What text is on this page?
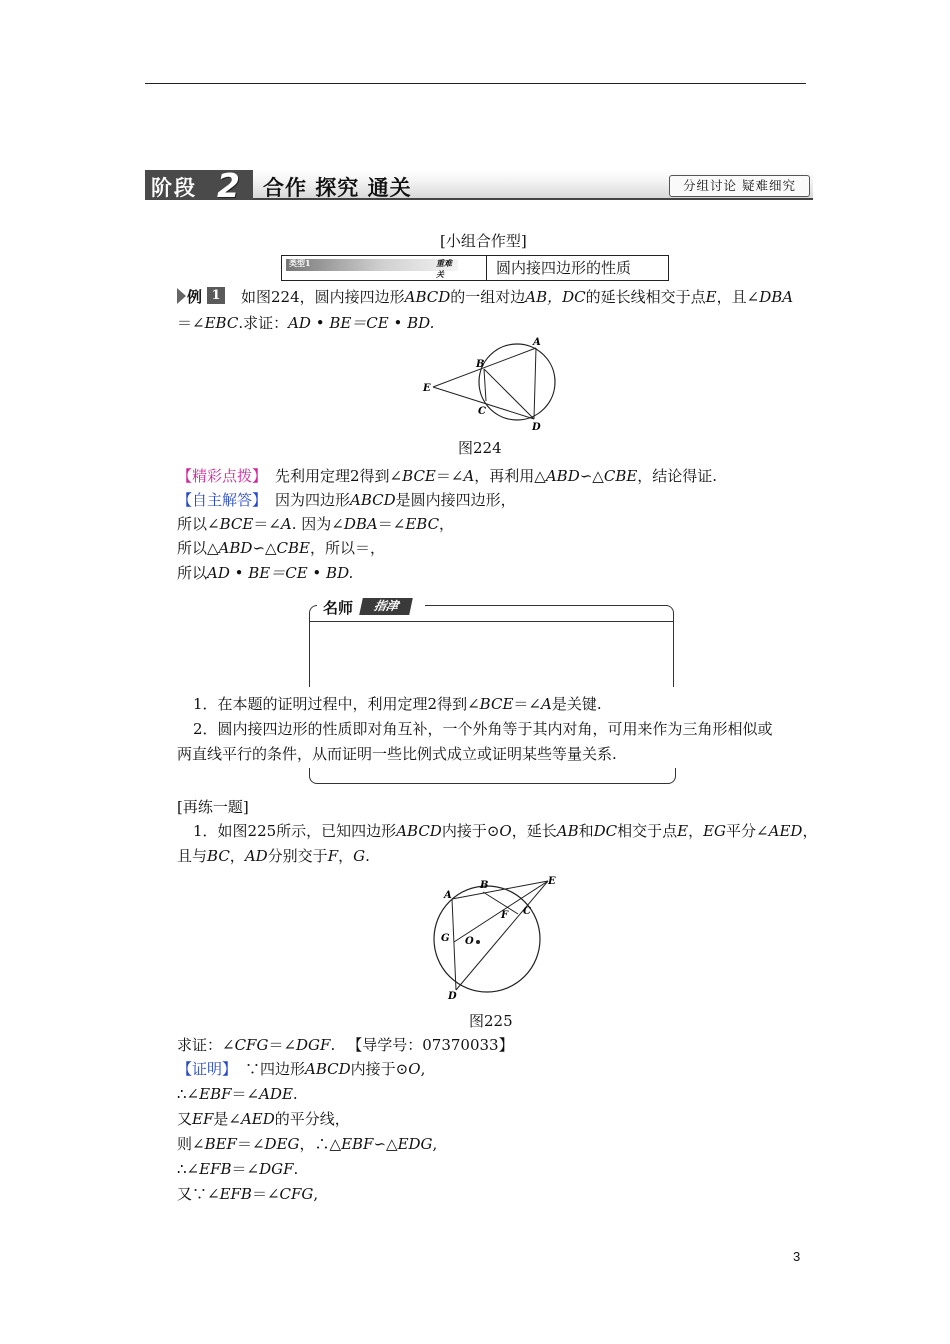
阶段 2 合作 探究 通关	分组讨论 疑难细究
[小组合作型]
类型1	重难关	圆内接四边形的性质
例 1 如图224，圆内接四边形ABCD的一组对边AB，DC的延长线相交于点E，且∠DBA
＝∠EBC.求证：AD • BE＝CE • BD.
A
B
C
D
E
图224
【精彩点拨】 先利用定理2得到∠BCE＝∠A，再利用△ABD∽△CBE，结论得证.
【自主解答】 因为四边形ABCD是圆内接四边形，
所以∠BCE＝∠A. 因为∠DBA＝∠EBC，
所以△ABD∽△CBE，所以＝，
所以AD • BE＝CE • BD.
名师	指津
1．在本题的证明过程中，利用定理2得到∠BCE＝∠A是关键.
2．圆内接四边形的性质即对角互补，一个外角等于其内对角，可用来作为三角形相似或
两直线平行的条件，从而证明一些比例式成立或证明某些等量关系.
[再练一题]
1．如图225所示，已知四边形ABCD内接于⊙O，延长AB和DC相交于点E，EG平分∠AED，
且与BC，AD分别交于F，G.
A
B	E
F C
G O
D
图225
求证：∠CFG＝∠DGF. 【导学号：07370033】
【证明】 ∵四边形ABCD内接于⊙O,
∴∠EBF＝∠ADE.
又EF是∠AED的平分线，
则∠BEF＝∠DEG，∴△EBF∽△EDG,
∴∠EFB＝∠DGF.
又∵∠EFB＝∠CFG,
3
